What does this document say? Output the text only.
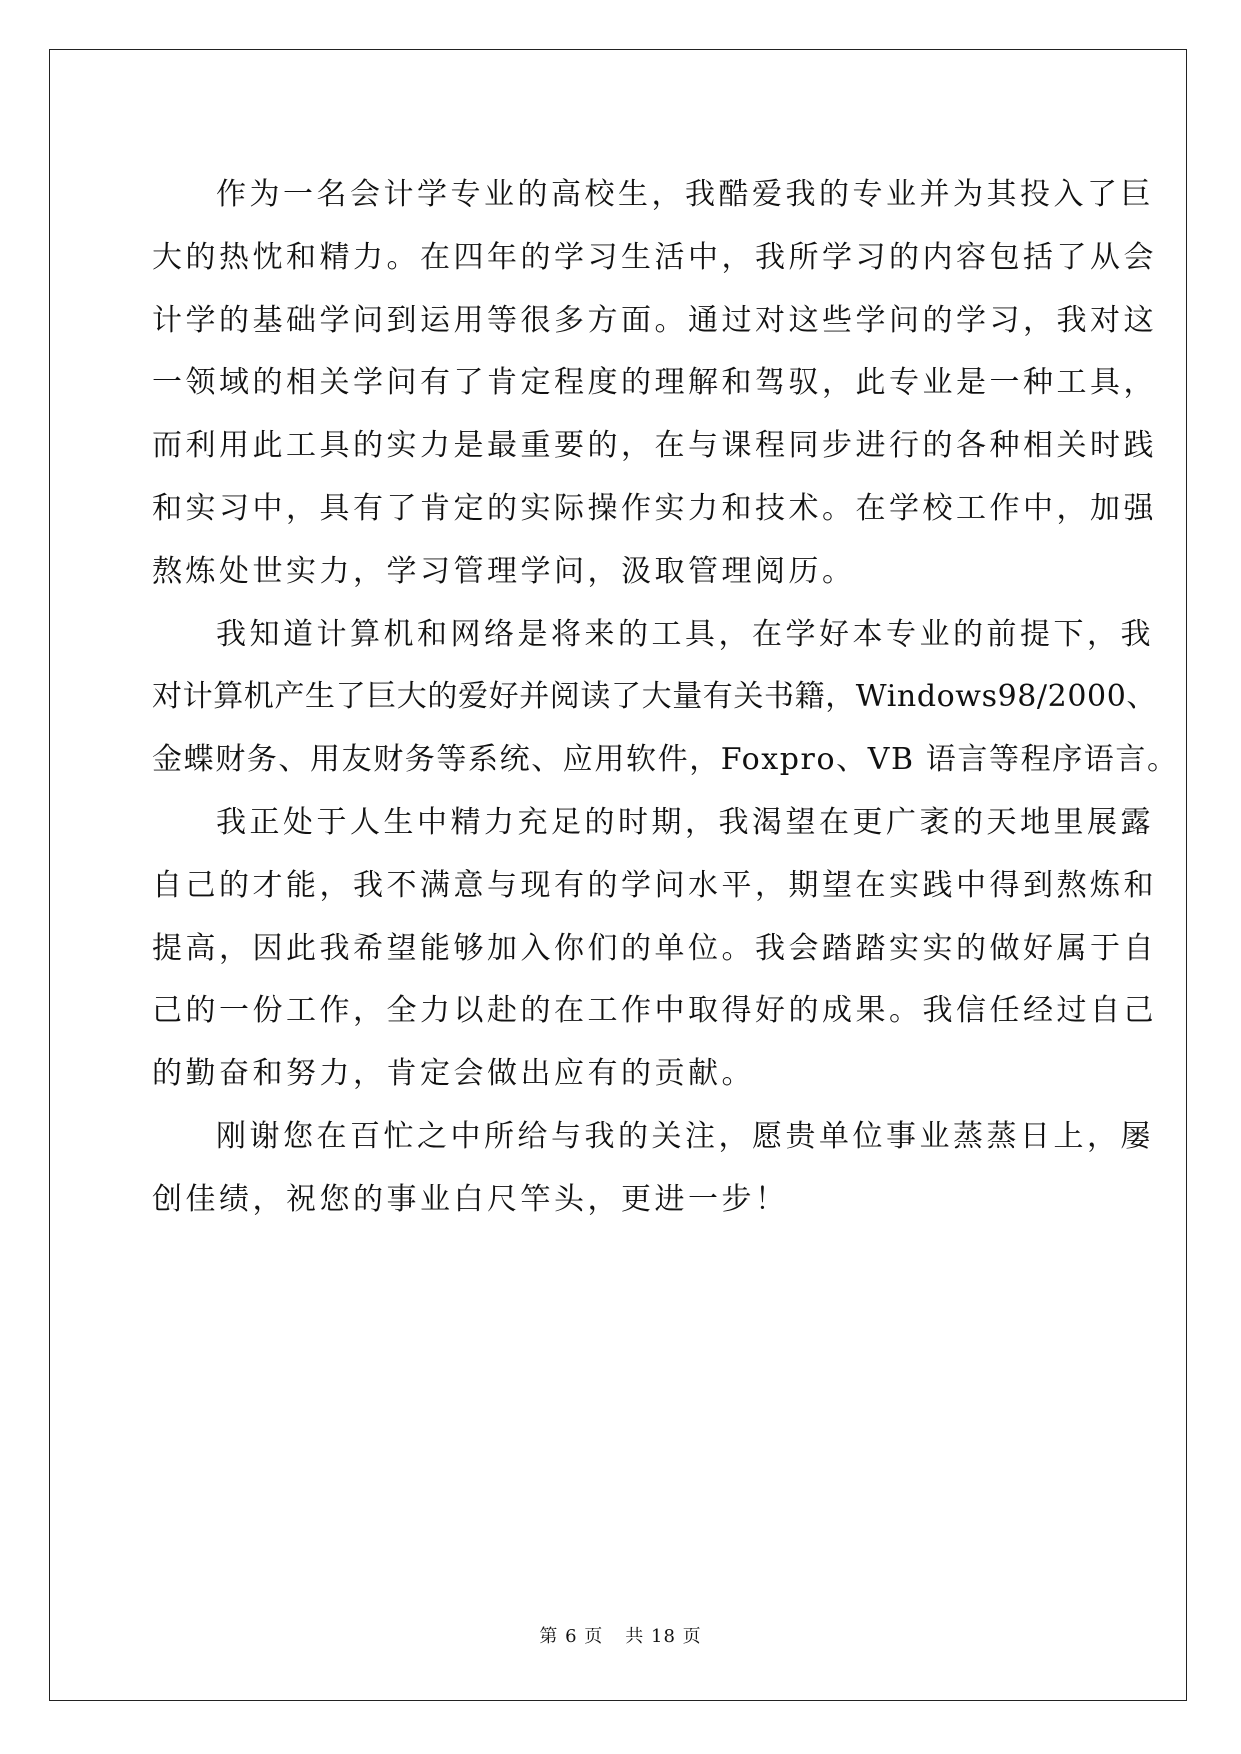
作为一名会计学专业的高校生，我酷爱我的专业并为其投入了巨
大的热忱和精力。在四年的学习生活中，我所学习的内容包括了从会
计学的基础学问到运用等很多方面。通过对这些学问的学习，我对这
一领域的相关学问有了肯定程度的理解和驾驭，此专业是一种工具，
而利用此工具的实力是最重要的，在与课程同步进行的各种相关时践
和实习中，具有了肯定的实际操作实力和技术。在学校工作中，加强
熬炼处世实力，学习管理学问，汲取管理阅历。
我知道计算机和网络是将来的工具，在学好本专业的前提下，我
对计算机产生了巨大的爱好并阅读了大量有关书籍，Windows98/2000、
金蝶财务、用友财务等系统、应用软件，Foxpro、VB 语言等程序语言。
我正处于人生中精力充足的时期，我渴望在更广袤的天地里展露
自己的才能，我不满意与现有的学问水平，期望在实践中得到熬炼和
提高，因此我希望能够加入你们的单位。我会踏踏实实的做好属于自
己的一份工作，全力以赴的在工作中取得好的成果。我信任经过自己
的勤奋和努力，肯定会做出应有的贡献。
刚谢您在百忙之中所给与我的关注，愿贵单位事业蒸蒸日上，屡
创佳绩，祝您的事业白尺竿头，更进一步！
第 6 页 共 18 页
